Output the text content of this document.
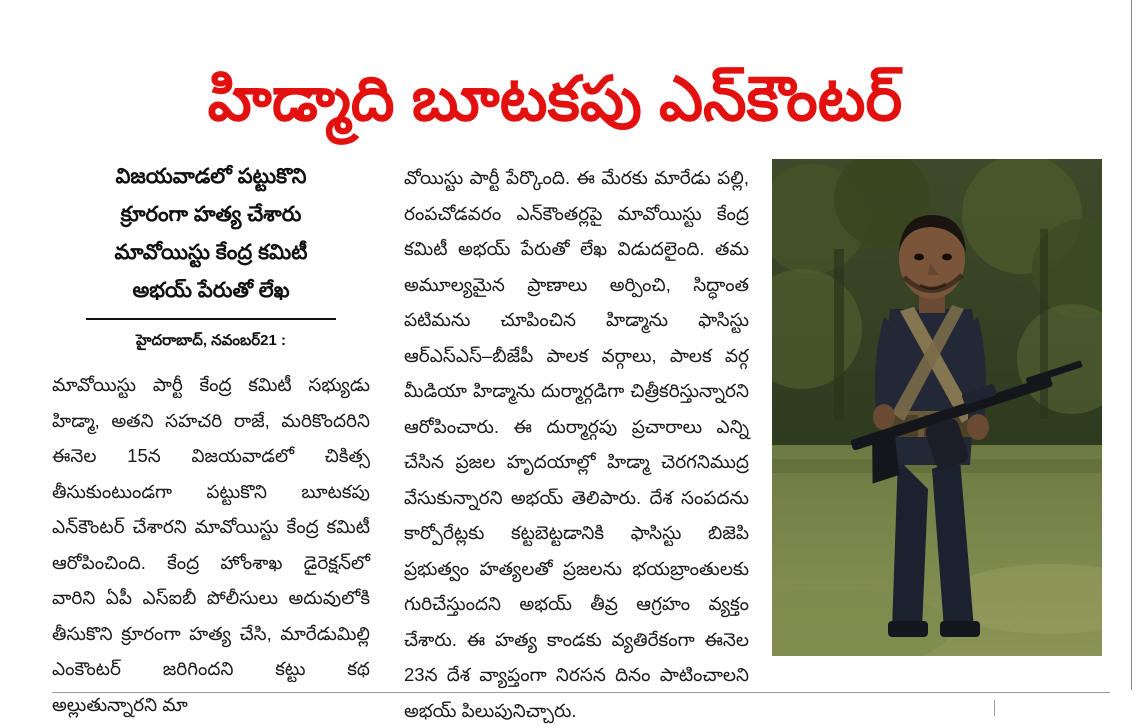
హిడ్మాది బూటకపు ఎన్‌కౌంటర్
విజయవాడలో పట్టుకొని
క్రూరంగా హత్య చేశారు
మావోయిస్టు కేంద్ర కమిటీ
అభయ్ పేరుతో లేఖ
హైదరాబాద్, నవంబర్21 :
మావోయిస్టు పార్టీ కేంద్ర కమిటీ సభ్యుడు హిడ్మా, అతని సహచరి రాజే, మరికొందరిని ఈనెల 15న విజయవాడలో చికిత్స తీసుకుంటుండగా పట్టుకొని బూటకపు ఎన్‌కౌంటర్ చేశారని మావోయిస్టు కేంద్ర కమిటీ ఆరోపించింది. కేంద్ర హోంశాఖ డైరెక్షన్‌లో వారిని ఏపీ ఎస్ఐబీ పోలీసులు అదువులోకి తీసుకొని క్రూరంగా హత్య చేసి, మారేడుమిల్లి ఎంకౌంటర్ జరిగిందని కట్టు కథ అల్లుతున్నారని మా
వోయిస్టు పార్టీ పేర్కొంది. ఈ మేరకు మారేడు పల్లి, రంపచోడవరం ఎన్‌కౌంతర్లపై మావోయిస్టు కేంద్ర కమిటీ అభయ్ పేరుతో లేఖ విడుదలైంది. తమ అమూల్యమైన ప్రాణాలు అర్పించి, సిద్ధాంత పటిమను చూపించిన హిడ్మాను ఫాసిస్టు ఆర్‌ఎస్‌ఎస్‌–బీజేపీ పాలక వర్గాలు, పాలక వర్గ మీడియా హిడ్మాను దుర్మార్గడిగా చిత్రీకరిస్తున్నారని ఆరోపించారు. ఈ దుర్మార్గపు ప్రచారాలు ఎన్ని చేసిన ప్రజల హృదయాల్లో హిడ్మా చెరగనిముద్ర వేసుకున్నారని అభయ్ తెలిపారు. దేశ సంపదను కార్పోరేట్లకు కట్టబెట్టడానికి ఫాసిస్టు బిజెపి ప్రభుత్వం హత్యలతో ప్రజలను భయబ్రాంతులకు గురిచేస్తుందని అభయ్ తీవ్ర ఆగ్రహం వ్యక్తం చేశారు. ఈ హత్య కాండకు వ్యతిరేకంగా ఈనెల 23న దేశ వ్యాప్తంగా నిరసన దినం పాటించాలని అభయ్ పిలుపునిచ్చారు.
